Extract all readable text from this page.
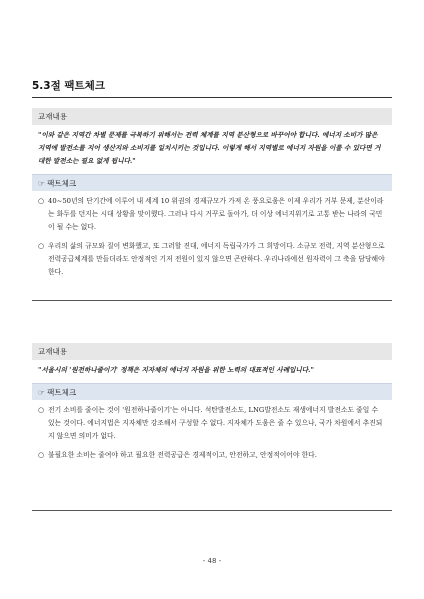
5.3절 팩트체크
교재내용
"이와 같은 지역간 차별 문제를 극복하기 위해서는 전력 체계를 지역 분산형으로 바꾸어야 합니다. 에너지 소비가 많은 지역에 발전소를 지어 생산지와 소비지를 일치시키는 것입니다. 이렇게 해서 지역별로 에너지 자원을 이룰 수 있다면 거대한 발전소는 필요 없게 됩니다."
☞ 팩트체크
○ 40~50년의 단기간에 이루어 내 세계 10 위권의 경제규모가 가져 온 풍요로움은 이제 우리가 거부 문제, 분산이라는 화두를 던지는 시대 상황을 맞이했다. 그러나 다시 거꾸로 돌아가, 더 이상 에너지위기로 고통 받는 나라의 국민이 될 수는 없다.
○ 우리의 삶의 규모와 질이 변화했고, 또 그러할 진대, 에너지 독립국가가 그 희망이다. 소규모 전력, 지역 분산형으로 전력공급체계를 만들더라도 안정적인 기저 전원이 있지 않으면 곤란하다. 우리나라에선 원자력이 그 축을 담당해야 한다.
교재내용
"서울시의 '원전하나줄이기' 정책은 지자체의 에너지 자원을 위한 노력의 대표적인 사례입니다."
☞ 팩트체크
○ 전기 소비를 줄이는 것이 '원전하나줄이기'는 아니다. 석탄발전소도, LNG발전소도 재생에너지 발전소도 줄일 수 있는 것이다. 에너지법은 지자체만 강조해서 구성할 수 없다. 지자체가 도움은 줄 수 있으나, 국가 차원에서 추진되지 않으면 의미가 없다.
○ 불필요한 소비는 줄여야 하고 필요한 전력공급은 경제적이고, 안전하고, 안정적이어야 한다.
- 48 -
